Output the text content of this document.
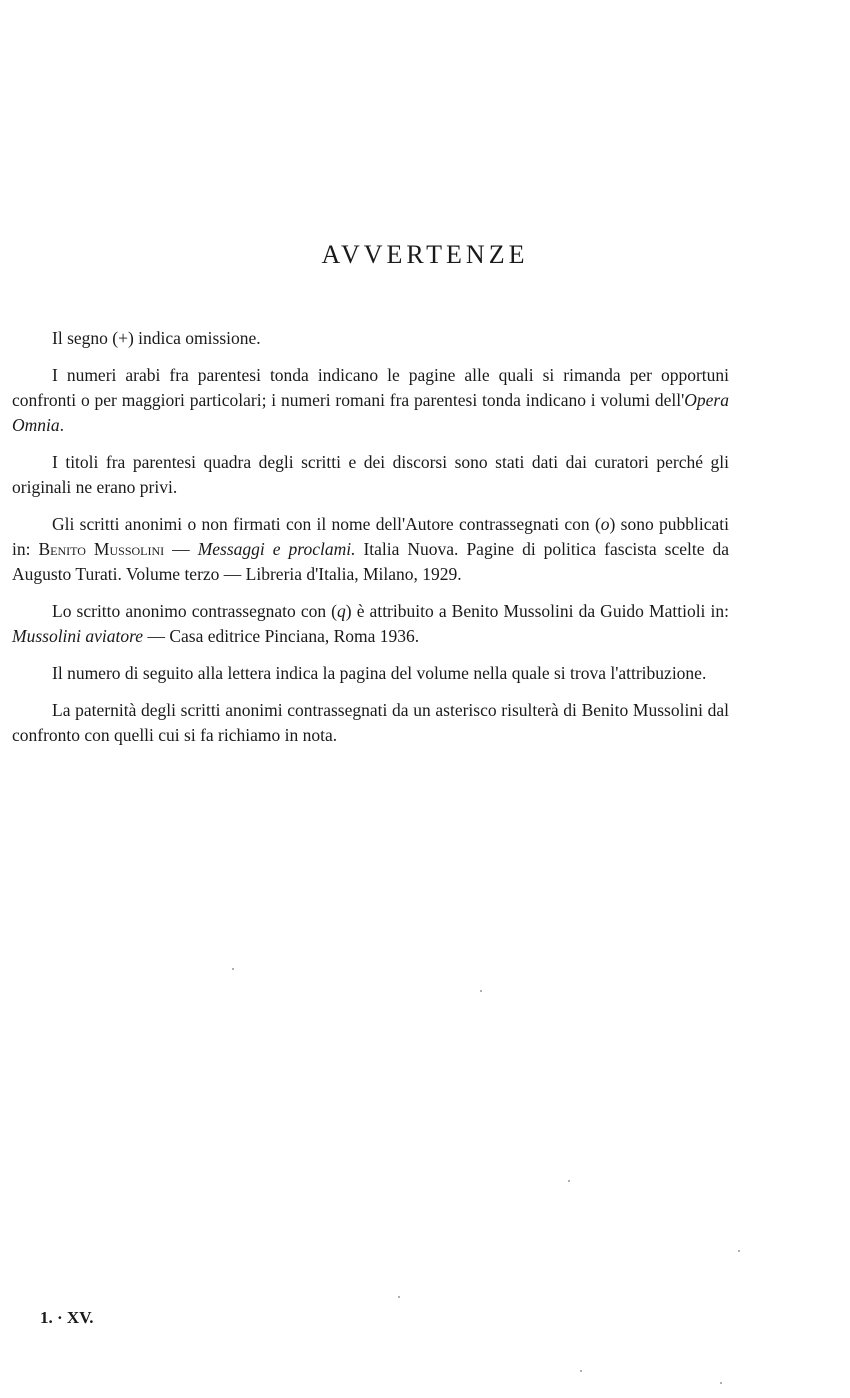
AVVERTENZE

Il segno (+) indica omissione.

I numeri arabi fra parentesi tonda indicano le pagine alle quali si rimanda per opportuni confronti o per maggiori particolari; i numeri romani fra parentesi tonda indicano i volumi dell'Opera Omnia.

I titoli fra parentesi quadra degli scritti e dei discorsi sono stati dati dai curatori perché gli originali ne erano privi.

Gli scritti anonimi o non firmati con il nome dell'Autore contrassegnati con (o) sono pubblicati in: Benito Mussolini — Messaggi e proclami. Italia Nuova. Pagine di politica fascista scelte da Augusto Turati. Volume terzo — Libreria d'Italia, Milano, 1929.

Lo scritto anonimo contrassegnato con (q) è attribuito a Benito Mussolini da Guido Mattioli in: Mussolini aviatore — Casa editrice Pinciana, Roma 1936.

Il numero di seguito alla lettera indica la pagina del volume nella quale si trova l'attribuzione.

La paternità degli scritti anonimi contrassegnati da un asterisco risulterà di Benito Mussolini dal confronto con quelli cui si fa richiamo in nota.

1. · XV.
